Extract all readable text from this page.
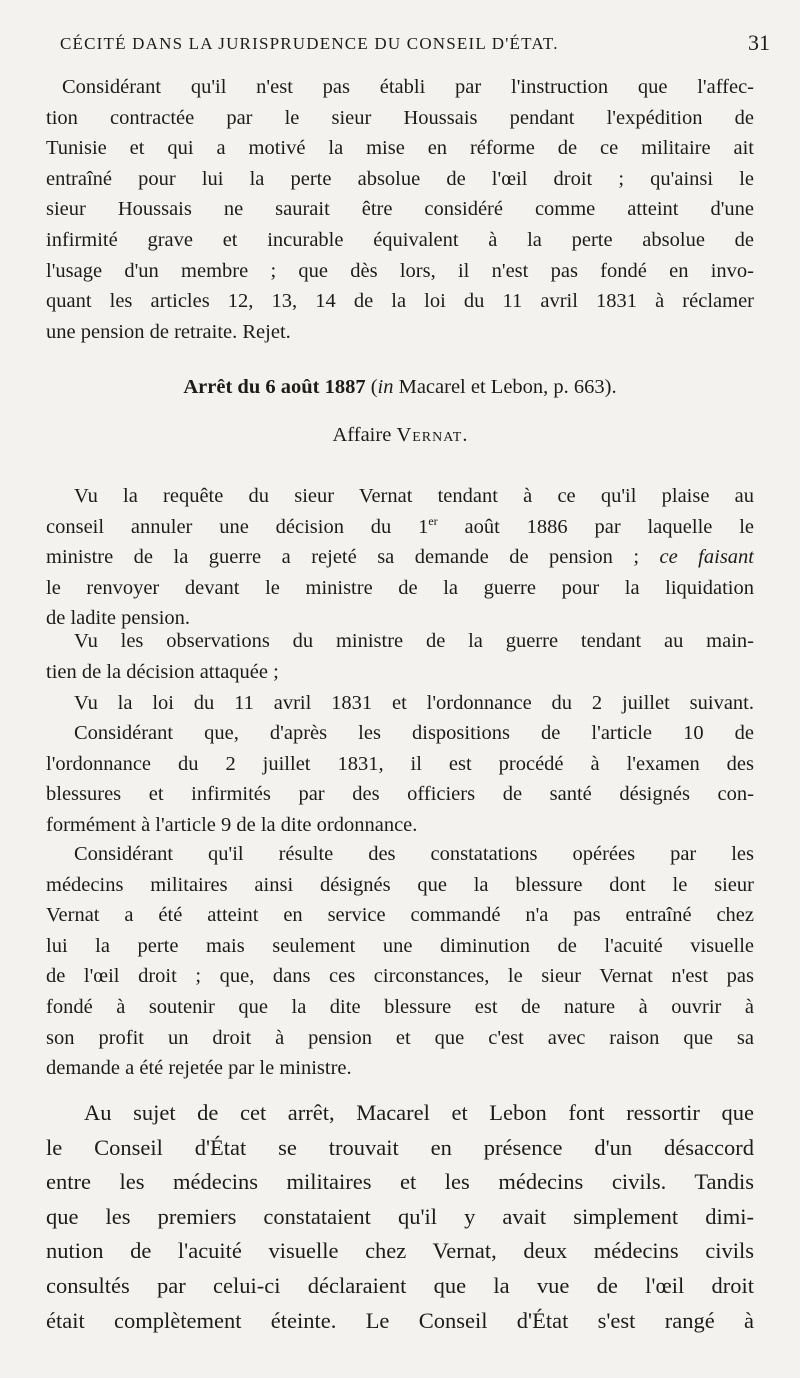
CÉCITÉ DANS LA JURISPRUDENCE DU CONSEIL D'ÉTAT.	31
Considérant qu'il n'est pas établi par l'instruction que l'affec-
tion contractée par le sieur Houssais pendant l'expédition de
Tunisie et qui a motivé la mise en réforme de ce militaire ait
entraîné pour lui la perte absolue de l'œil droit ; qu'ainsi le
sieur Houssais ne saurait être considéré comme atteint d'une
infirmité grave et incurable équivalent à la perte absolue de
l'usage d'un membre ; que dès lors, il n'est pas fondé en invo-
quant les articles 12, 13, 14 de la loi du 11 avril 1831 à réclamer
une pension de retraite. Rejet.
Arrêt du 6 août 1887 (in Macarel et Lebon, p. 663).
Affaire Vernat.
Vu la requête du sieur Vernat tendant à ce qu'il plaise au
conseil annuler une décision du 1er août 1886 par laquelle le
ministre de la guerre a rejeté sa demande de pension ; ce faisant
le renvoyer devant le ministre de la guerre pour la liquidation
de ladite pension.
Vu les observations du ministre de la guerre tendant au main-
tien de la décision attaquée ;
Vu la loi du 11 avril 1831 et l'ordonnance du 2 juillet suivant.
Considérant que, d'après les dispositions de l'article 10 de
l'ordonnance du 2 juillet 1831, il est procédé à l'examen des
blessures et infirmités par des officiers de santé désignés con-
formément à l'article 9 de la dite ordonnance.
Considérant qu'il résulte des constatations opérées par les
médecins militaires ainsi désignés que la blessure dont le sieur
Vernat a été atteint en service commandé n'a pas entraîné chez
lui la perte mais seulement une diminution de l'acuité visuelle
de l'œil droit ; que, dans ces circonstances, le sieur Vernat n'est pas
fondé à soutenir que la dite blessure est de nature à ouvrir à
son profit un droit à pension et que c'est avec raison que sa
demande a été rejetée par le ministre.
Au sujet de cet arrêt, Macarel et Lebon font ressortir que
le Conseil d'État se trouvait en présence d'un désaccord
entre les médecins militaires et les médecins civils. Tandis
que les premiers constataient qu'il y avait simplement dimi-
nution de l'acuité visuelle chez Vernat, deux médecins civils
consultés par celui-ci déclaraient que la vue de l'œil droit
était complètement éteinte. Le Conseil d'État s'est rangé à
